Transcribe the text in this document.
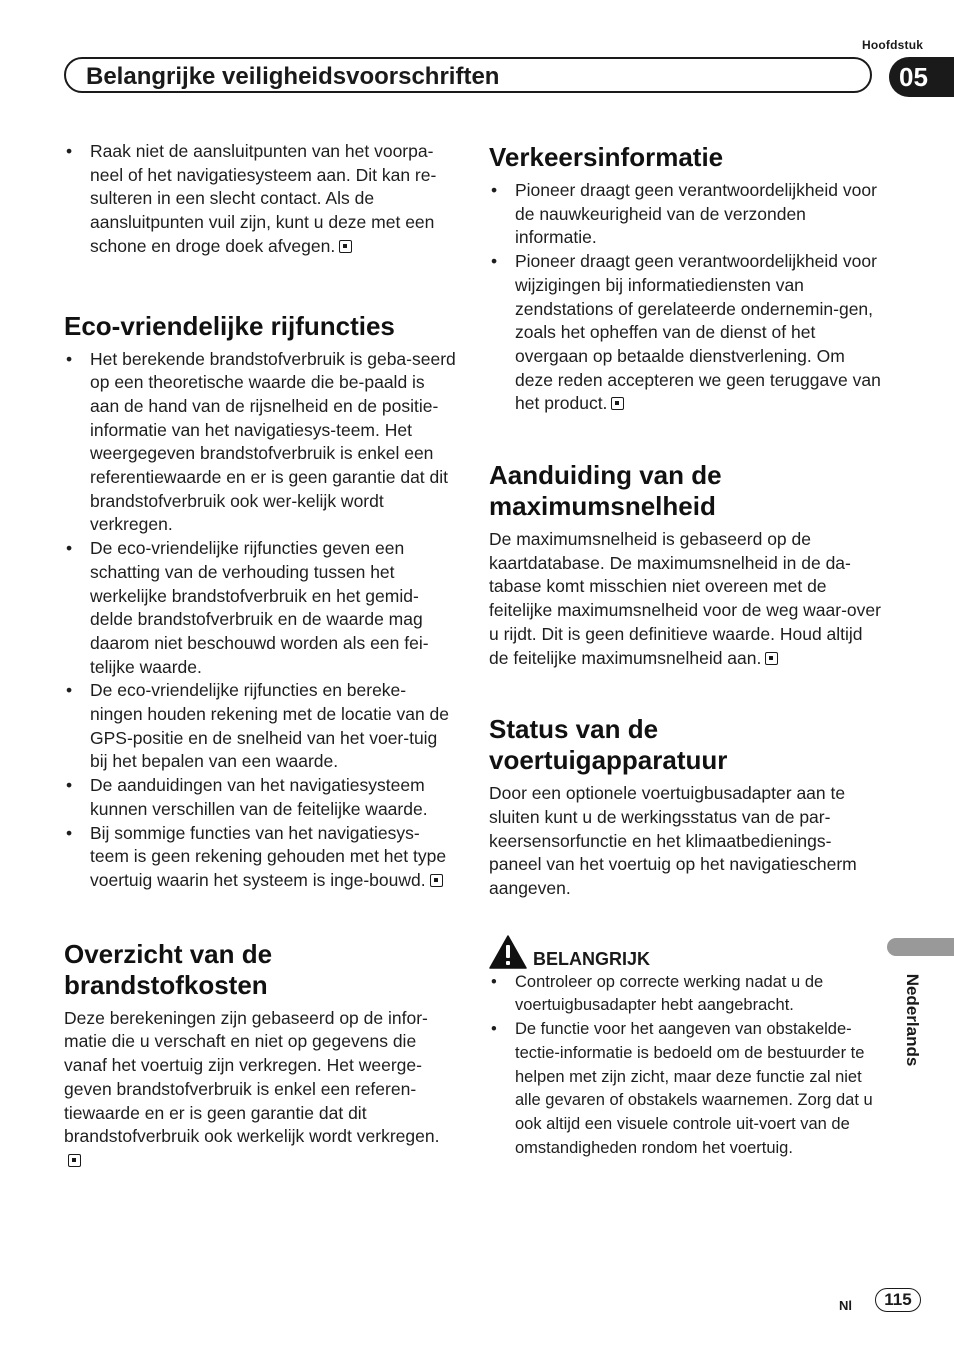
Hoofdstuk
Belangrijke veiligheidsvoorschriften	05
• Raak niet de aansluitpunten van het voorpa-neel of het navigatiesysteem aan. Dit kan re-sulteren in een slecht contact. Als de aansluitpunten vuil zijn, kunt u deze met een schone en droge doek afvegen.
Eco-vriendelijke rijfuncties
• Het berekende brandstofverbruik is geba-seerd op een theoretische waarde die be-paald is aan de hand van de rijsnelheid en de positie-informatie van het navigatiesys-teem. Het weergegeven brandstofverbruik is enkel een referentiewaarde en er is geen garantie dat dit brandstofverbruik ook wer-kelijk wordt verkregen.
• De eco-vriendelijke rijfuncties geven een schatting van de verhouding tussen het werkelijke brandstofverbruik en het gemid-delde brandstofverbruik en de waarde mag daarom niet beschouwd worden als een fei-telijke waarde.
• De eco-vriendelijke rijfuncties en bereke-ningen houden rekening met de locatie van de GPS-positie en de snelheid van het voer-tuig bij het bepalen van een waarde.
• De aanduidingen van het navigatiesysteem kunnen verschillen van de feitelijke waarde.
• Bij sommige functies van het navigatiesys-teem is geen rekening gehouden met het type voertuig waarin het systeem is inge-bouwd.
Overzicht van de brandstofkosten

Deze berekeningen zijn gebaseerd op de infor-matie die u verschaft en niet op gegevens die vanaf het voertuig zijn verkregen. Het weerge-geven brandstofverbruik is enkel een referen-tiewaarde en er is geen garantie dat dit brandstofverbruik ook werkelijk wordt verkregen.

Verkeersinformatie
• Pioneer draagt geen verantwoordelijkheid voor de nauwkeurigheid van de verzonden informatie.
• Pioneer draagt geen verantwoordelijkheid voor wijzigingen bij informatiediensten van zendstations of gerelateerde ondernemin-gen, zoals het opheffen van de dienst of het overgaan op betaalde dienstverlening. Om deze reden accepteren we geen teruggave van het product.
Aanduiding van de maximumsnelheid

De maximumsnelheid is gebaseerd op de kaartdatabase. De maximumsnelheid in de da-tabase komt misschien niet overeen met de feitelijke maximumsnelheid voor de weg waar-over u rijdt. Dit is geen definitieve waarde. Houd altijd de feitelijke maximumsnelheid aan.

Status van de voertuigapparatuur

Door een optionele voertuigbusadapter aan te sluiten kunt u de werkingsstatus van de par-keersensorfunctie en het klimaatbedienings-paneel van het voertuig op het navigatiescherm aangeven.

BELANGRIJK
• Controleer op correcte werking nadat u de voertuigbusadapter hebt aangebracht.
• De functie voor het aangeven van obstakelde-tectie-informatie is bedoeld om de bestuurder te helpen met zijn zicht, maar deze functie zal niet alle gevaren of obstakels waarnemen. Zorg dat u ook altijd een visuele controle uit-voert van de omstandigheden rondom het voertuig.
Nederlands
Nl	115
